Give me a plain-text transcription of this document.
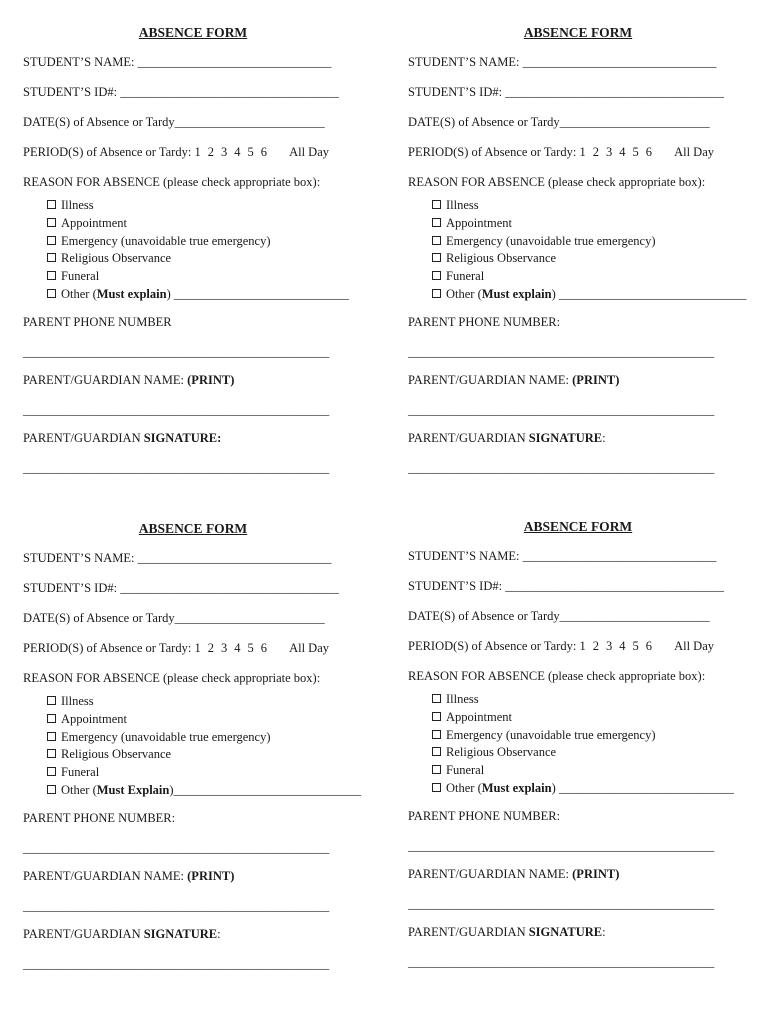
ABSENCE FORM
STUDENT’S NAME: _______________________________
STUDENT’S ID#: ___________________________________
DATE(S) of Absence or Tardy________________________
PERIOD(S) of Absence or Tardy: 1 2 3 4 5 6 All Day
REASON FOR ABSENCE (please check appropriate box):
Illness
Appointment
Emergency (unavoidable true emergency)
Religious Observance
Funeral
Other (Must explain) ____________________________
PARENT PHONE NUMBER
_________________________________________________
PARENT/GUARDIAN NAME: (PRINT)
_________________________________________________
PARENT/GUARDIAN SIGNATURE:
_________________________________________________
ABSENCE FORM
STUDENT’S NAME: _______________________________
STUDENT’S ID#: ___________________________________
DATE(S) of Absence or Tardy________________________
PERIOD(S) of Absence or Tardy: 1 2 3 4 5 6 All Day
REASON FOR ABSENCE (please check appropriate box):
Illness
Appointment
Emergency (unavoidable true emergency)
Religious Observance
Funeral
Other (Must explain) ______________________________
PARENT PHONE NUMBER:
_________________________________________________
PARENT/GUARDIAN NAME: (PRINT)
_________________________________________________
PARENT/GUARDIAN SIGNATURE:
_________________________________________________
ABSENCE FORM
STUDENT’S NAME: _______________________________
STUDENT’S ID#: ___________________________________
DATE(S) of Absence or Tardy________________________
PERIOD(S) of Absence or Tardy: 1 2 3 4 5 6 All Day
REASON FOR ABSENCE (please check appropriate box):
Illness
Appointment
Emergency (unavoidable true emergency)
Religious Observance
Funeral
Other (Must Explain)______________________________
PARENT PHONE NUMBER:
_________________________________________________
PARENT/GUARDIAN NAME: (PRINT)
_________________________________________________
PARENT/GUARDIAN SIGNATURE:
_________________________________________________
ABSENCE FORM
STUDENT’S NAME: _______________________________
STUDENT’S ID#: ___________________________________
DATE(S) of Absence or Tardy________________________
PERIOD(S) of Absence or Tardy: 1 2 3 4 5 6 All Day
REASON FOR ABSENCE (please check appropriate box):
Illness
Appointment
Emergency (unavoidable true emergency)
Religious Observance
Funeral
Other (Must explain) ____________________________
PARENT PHONE NUMBER:
_________________________________________________
PARENT/GUARDIAN NAME: (PRINT)
_________________________________________________
PARENT/GUARDIAN SIGNATURE:
_________________________________________________
